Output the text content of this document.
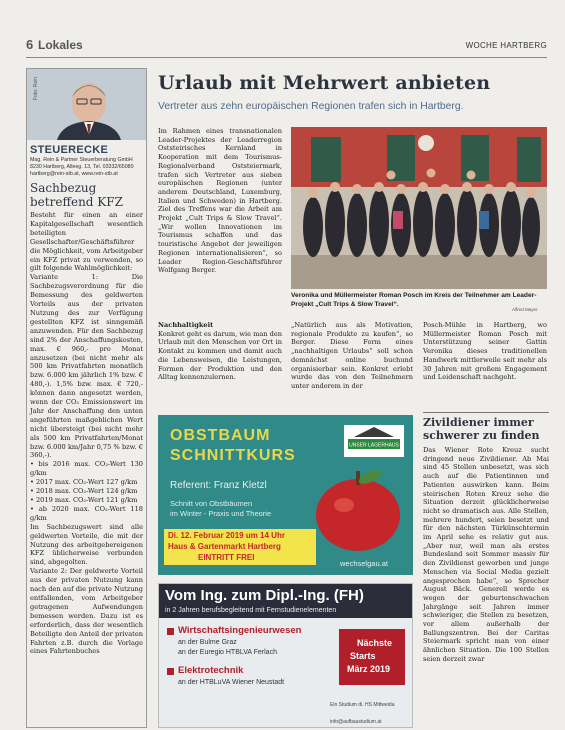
6 Lokales	WOCHE HARTBERG
Foto: Rein
STEUERECKE
Mag. Rein & Partner Steuerberatung GmbH
8230 Hartberg, Alleeg. 13, Tel. 03332/65080
hartberg@rein-stb.at, www.rein-stb.at
Sachbezug betreffend KFZ

Besteht für einen an einer Kapitalgesellschaft wesentlich beteiligten Gesellschafter/Geschäftsführer die Möglichkeit, vom Arbeitgeber ein KFZ privat zu verwenden, so gilt folgende Wahlmöglichkeit:

Variante 1: Die Sachbezugsverordnung für die Bemessung des geldwerten Vorteils aus der privaten Nutzung des zur Verfügung gestellten KFZ ist sinngemäß anzuwenden. Für den Sachbezug sind 2% der Anschaffungskosten, max. € 960,- pro Monat anzusetzen (bei nicht mehr als 500 km Privatfahrten monatlich bzw. 6.000 km jährlich 1% bzw. € 480,-). 1,5% bzw. max. € 720,- können dann angesetzt werden, wenn der CO₂ Emissionswert im Jahr der Anschaffung den unten angeführten maßgeblichen Wert nicht übersteigt (bei nicht mehr als 500 km Privatfahrten/Monat bzw. 6.000 km/Jahr 0,75 % bzw. € 360,-).

• bis 2016 max. CO₂-Wert 130 g/km
• 2017 max. CO₂-Wert 127 g/km
• 2018 max. CO₂-Wert 124 g/km
• 2019 max. CO₂-Wert 121 g/km
• ab 2020 max. CO₂-Wert 118 g/km

Im Sachbezugswert sind alle geldwerten Vorteile, die mit der Nutzung des arbeitgebereigenen KFZ üblicherweise verbunden sind, abgegolten.

Variante 2: Der geldwerte Vorteil aus der privaten Nutzung kann nach den auf die private Nutzung entfallenden, vom Arbeitgeber getragenen Aufwendungen bemessen werden. Dazu ist es erforderlich, dass der wesentlich Beteiligte den Anteil der privaten Fahrten z.B. durch die Vorlage eines Fahrtenbuches

Urlaub mit Mehrwert anbieten
Vertreter aus zehn europäischen Regionen trafen sich in Hartberg.
Im Rahmen eines transnationalen Leader-Projektes der Leaderregion Oststeirisches Kernland in Kooperation mit dem Tourismus-Regionalverband Oststeiermark, trafen sich Vertreter aus sieben europäischen Regionen (unter anderem Deutschland, Luxemburg, Italien und Schweden) in Hartberg. Ziel des Treffens war die Arbeit am Projekt „Cult Trips & Slow Travel“. „Wir wollen Innovationen im Tourismus schaffen und das touristische Angebot der jeweiligen Regionen internationalisieren“, so Leader Region-Geschäftsführer Wolfgang Berger.
Veronika und Müllermeister Roman Posch im Kreis der Teilnehmer am Leader-Projekt „Cult Trips & Slow Travel“.
Alfred Mayer
Nachhaltigkeit
Konkret geht es darum, wie man den Urlaub mit den Menschen vor Ort in Kontakt zu kommen und damit auch die Lebensweisen, die Leistungen, Formen der Produktion und den Alltag kennenzulernen.
„Natürlich aus als Motivation, regionale Produkte zu kaufen“, so Berger. Diese Form eines „nachhaltigen Urlaubs“ soll schon demnächst online buchund organisierbar sein. Konkret erlebt wurde das von den Teilnehmern unter anderem in der
Posch-Mühle in Hartberg, wo Müllermeister Roman Posch mit Unterstützung seiner Gattin Veronika dieses traditionellen Handwerk mittlerweile seit mehr als 30 Jahren mit großem Engagement und Leidenschaft nachgeht.
OBSTBAUM
SCHNITTKURS
UNSER LAGERHAUS
Referent: Franz Kletzl
Schnitt von Obstbäumen
im Winter - Praxis und Theorie
Di. 12. Februar 2019 um 14 Uhr
Haus & Gartenmarkt Hartberg
EINTRITT FREI
wechselgau.at
Vom Ing. zum Dipl.-Ing. (FH)
in 2 Jahren berufsbegleitend mit Fernstudienelementen
Wirtschaftsingenieurwesen
an der Bulme Graz
an der Euregio HTBLVA Ferlach
Elektrotechnik
an der HTBLuVA Wiener Neustadt
Nächste
Starts
März 2019
Ein Studium di. HS Mittweida
info@aufbaustudium.at
Zivildiener immer schwerer zu finden
Das Wiener Rote Kreuz sucht dringend neue Zivildiener. Ab Mai sind 45 Stellen unbesetzt, was sich auch auf die Patientinnen und Patienten auswirken kann. Beim steirischen Roten Kreuz sehe die Situation derzeit glücklicherweise nicht so dramatisch aus. Alle Stellen, mehrere hundert, seien besetzt und für den nächsten Türkünschtermin im April sehe es relativ gut aus. „Aber nur, weil man als erstes Bundesland seit Sommer massiv für den Zivildienst geworben und junge Menschen via Social Media gezielt angesprochen habe“, so Sprecher August Bäck. Generell werde es wegen der geburtenschwachen Jahrgänge seit Jahren immer schwieriger, die Stellen zu besetzen, vor allem außerhalb der Ballungszentren. Bei der Caritas Steiermark spricht man von einer ähnlichen Situation. Die 100 Stellen seien derzeit zwar
